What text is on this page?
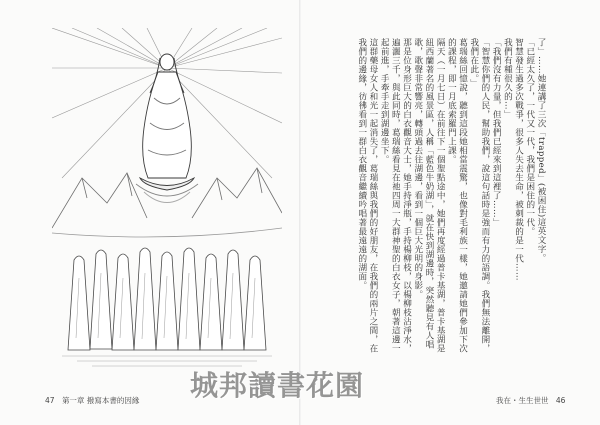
了」……她連講了三次「trapped」(被困住)這英文字。

「已經太久了，一代又一代，我們是困住的一代。

智慧發生過多次戰爭，很多人失去生命，被刺裁的是一代……

我們有種很久的…」

「我們沒有力量，但我們已經來到這裡了……」

「智慧你們的人民，幫助我們，說這句話時是強而有力的語調。我們無法離開，我們在此。」

葛瑞絲回憶說，聽到這段她相當震驚，也像對毛利族一樣，她邀請她們參加下次的課程，即一月底索羅門上課。

隔天（一月七日）在前往下一個聖點途中，她們再度經過普卡基湖，普卡基湖是紐西蘭著名的風景區，人稱「藍色牛奶湖」，就在快到湖邊時，突然聽見有人唱歌，歌聲非常響亮，轉頭過去往湖邊，看到一個巨大光明的身影。

那是位身形巨大的白衣觀音大士，她手持淨瓶，手持楊柳枝，以楊柳枝沾淨水，遍灑三千，與此同時，葛瑞絲看見在祂四周一大群神聖的白衣女子，朝著這邊一起前進，手牽手走到湖邊坐下。

這群藥母女人和光一起消失了，葛瑞絲與我們的好朋友，在我們的兩片之間，在我們的邊緣，彷彿看到一群白衣觀音繼續吟唱著最遠遠的湖面。

47 第一章 撥寫本書的因緣	我在・生生世世 46
城邦讀書花園
